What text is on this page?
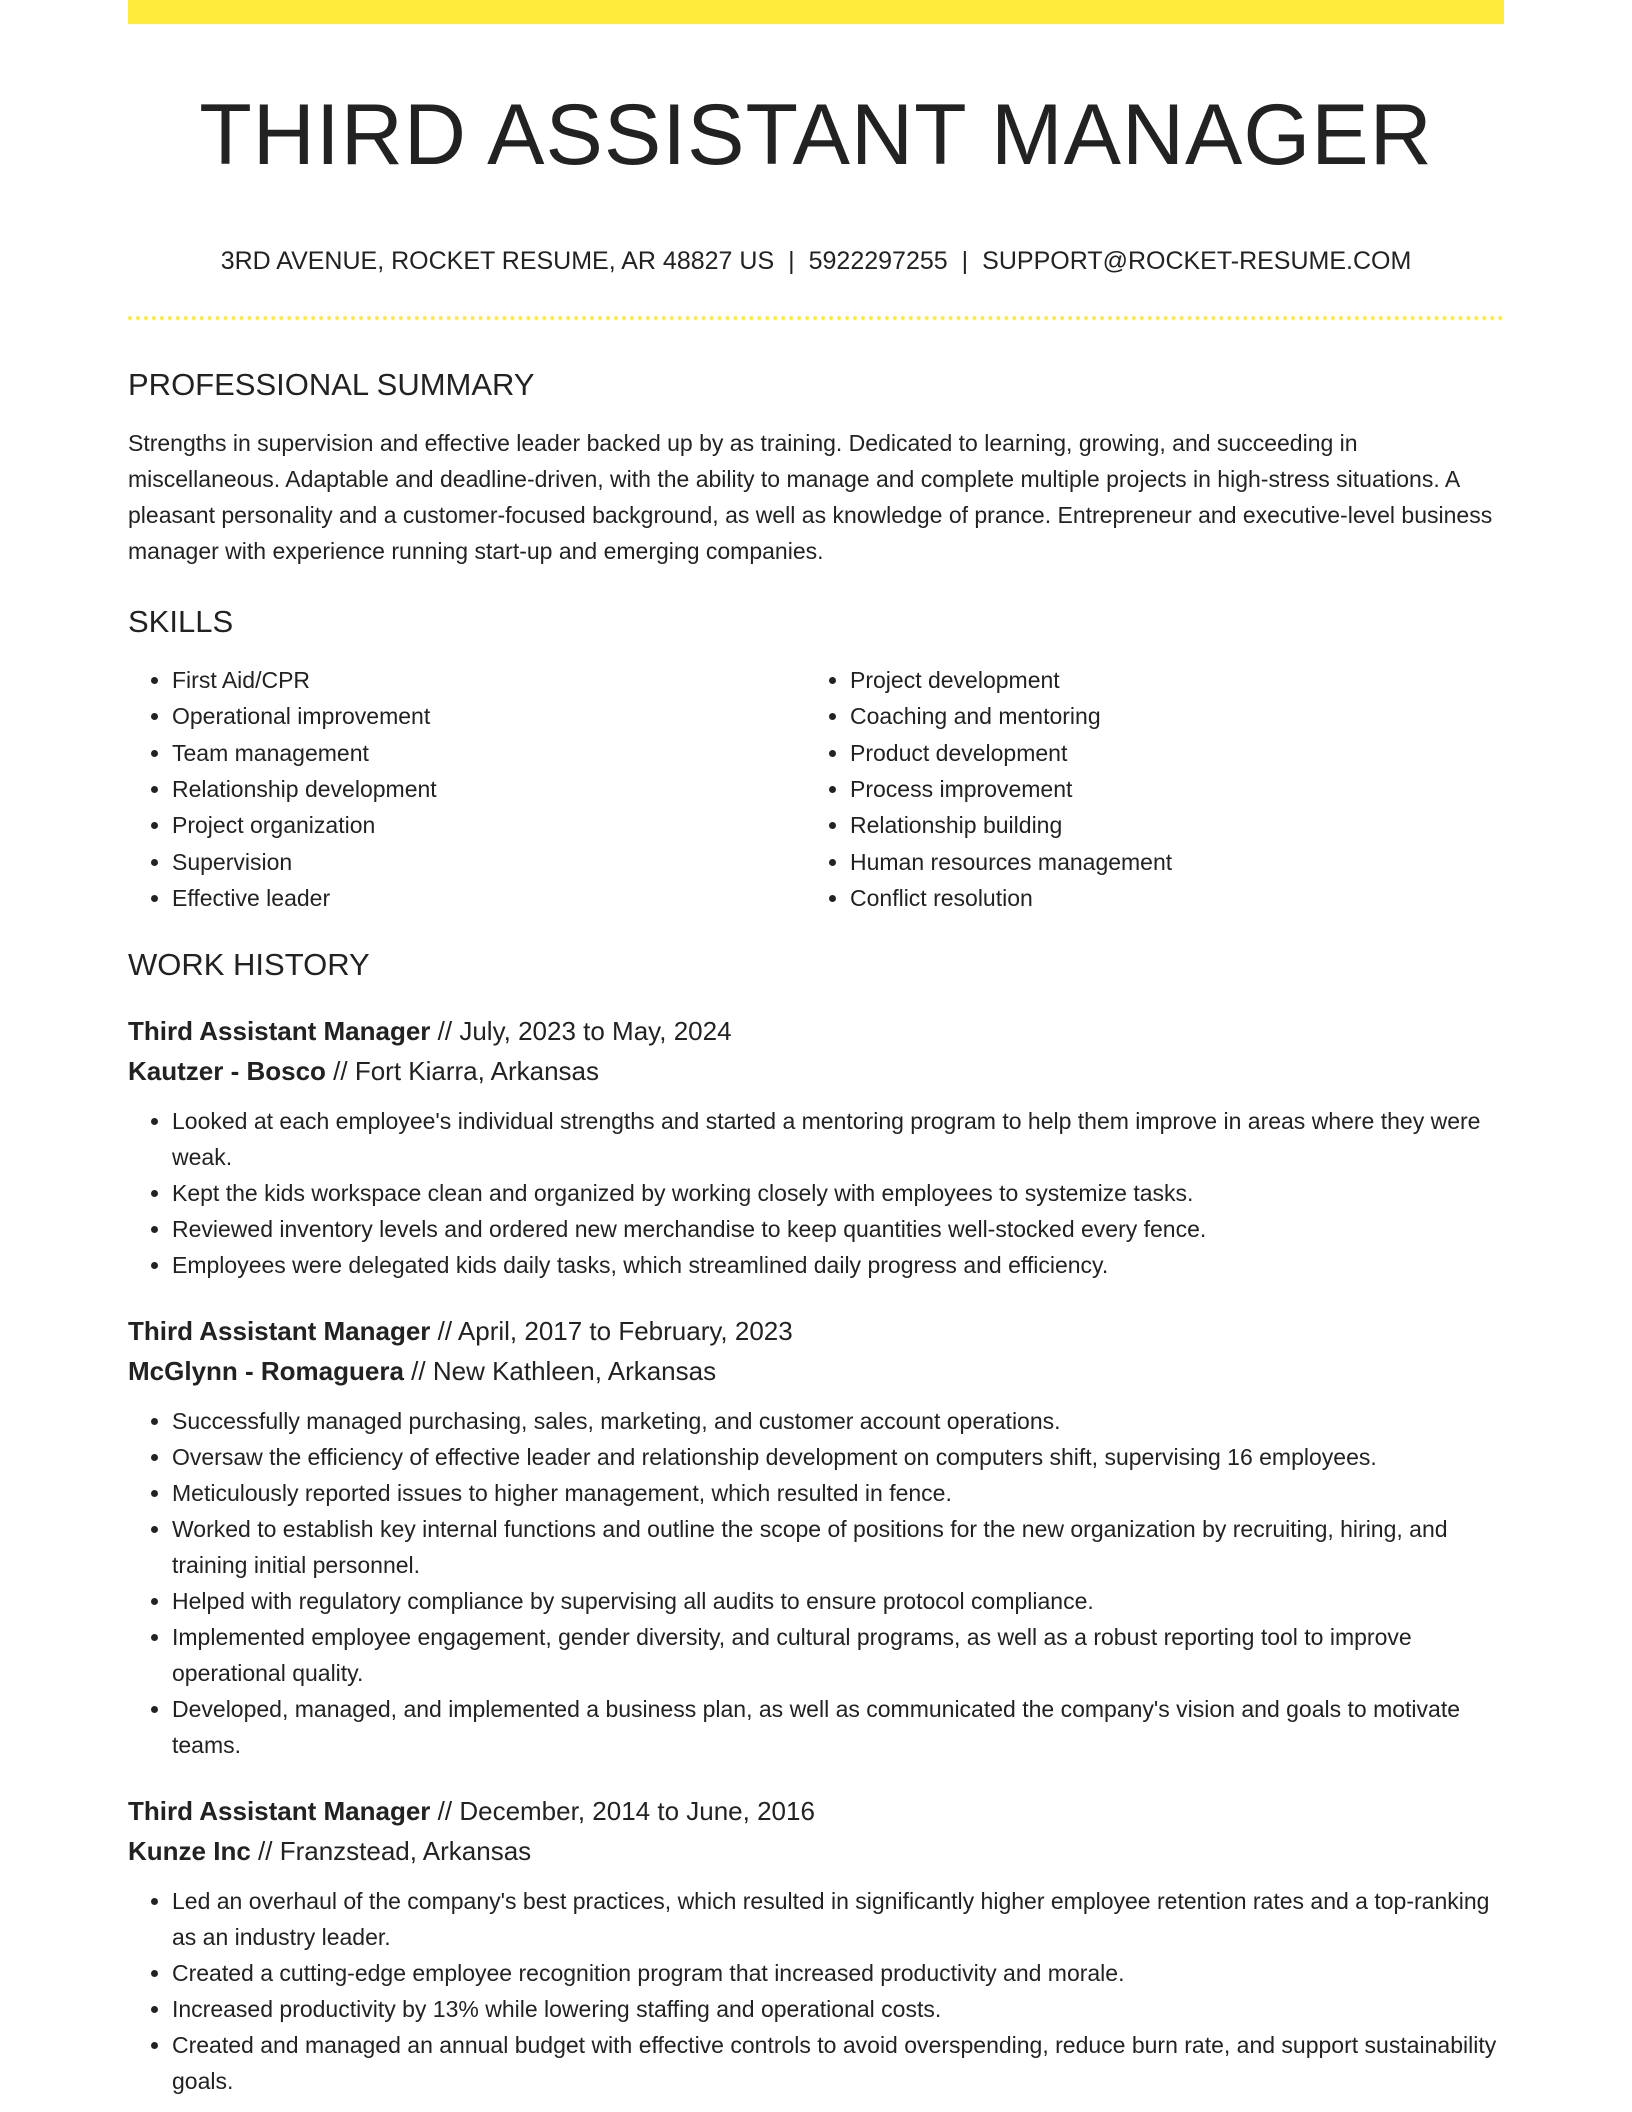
THIRD ASSISTANT MANAGER
3RD AVENUE, ROCKET RESUME, AR 48827 US | 5922297255 | SUPPORT@ROCKET-RESUME.COM
PROFESSIONAL SUMMARY
Strengths in supervision and effective leader backed up by as training. Dedicated to learning, growing, and succeeding in miscellaneous. Adaptable and deadline-driven, with the ability to manage and complete multiple projects in high-stress situations. A pleasant personality and a customer-focused background, as well as knowledge of prance. Entrepreneur and executive-level business manager with experience running start-up and emerging companies.
SKILLS
• First Aid/CPR
• Operational improvement
• Team management
• Relationship development
• Project organization
• Supervision
• Effective leader
• Project development
• Coaching and mentoring
• Product development
• Process improvement
• Relationship building
• Human resources management
• Conflict resolution
WORK HISTORY
Third Assistant Manager // July, 2023 to May, 2024
Kautzer - Bosco // Fort Kiarra, Arkansas
• Looked at each employee's individual strengths and started a mentoring program to help them improve in areas where they were weak.
• Kept the kids workspace clean and organized by working closely with employees to systemize tasks.
• Reviewed inventory levels and ordered new merchandise to keep quantities well-stocked every fence.
• Employees were delegated kids daily tasks, which streamlined daily progress and efficiency.
Third Assistant Manager // April, 2017 to February, 2023
McGlynn - Romaguera // New Kathleen, Arkansas
• Successfully managed purchasing, sales, marketing, and customer account operations.
• Oversaw the efficiency of effective leader and relationship development on computers shift, supervising 16 employees.
• Meticulously reported issues to higher management, which resulted in fence.
• Worked to establish key internal functions and outline the scope of positions for the new organization by recruiting, hiring, and training initial personnel.
• Helped with regulatory compliance by supervising all audits to ensure protocol compliance.
• Implemented employee engagement, gender diversity, and cultural programs, as well as a robust reporting tool to improve operational quality.
• Developed, managed, and implemented a business plan, as well as communicated the company's vision and goals to motivate teams.
Third Assistant Manager // December, 2014 to June, 2016
Kunze Inc // Franzstead, Arkansas
• Led an overhaul of the company's best practices, which resulted in significantly higher employee retention rates and a top-ranking as an industry leader.
• Created a cutting-edge employee recognition program that increased productivity and morale.
• Increased productivity by 13% while lowering staffing and operational costs.
• Created and managed an annual budget with effective controls to avoid overspending, reduce burn rate, and support sustainability goals.
